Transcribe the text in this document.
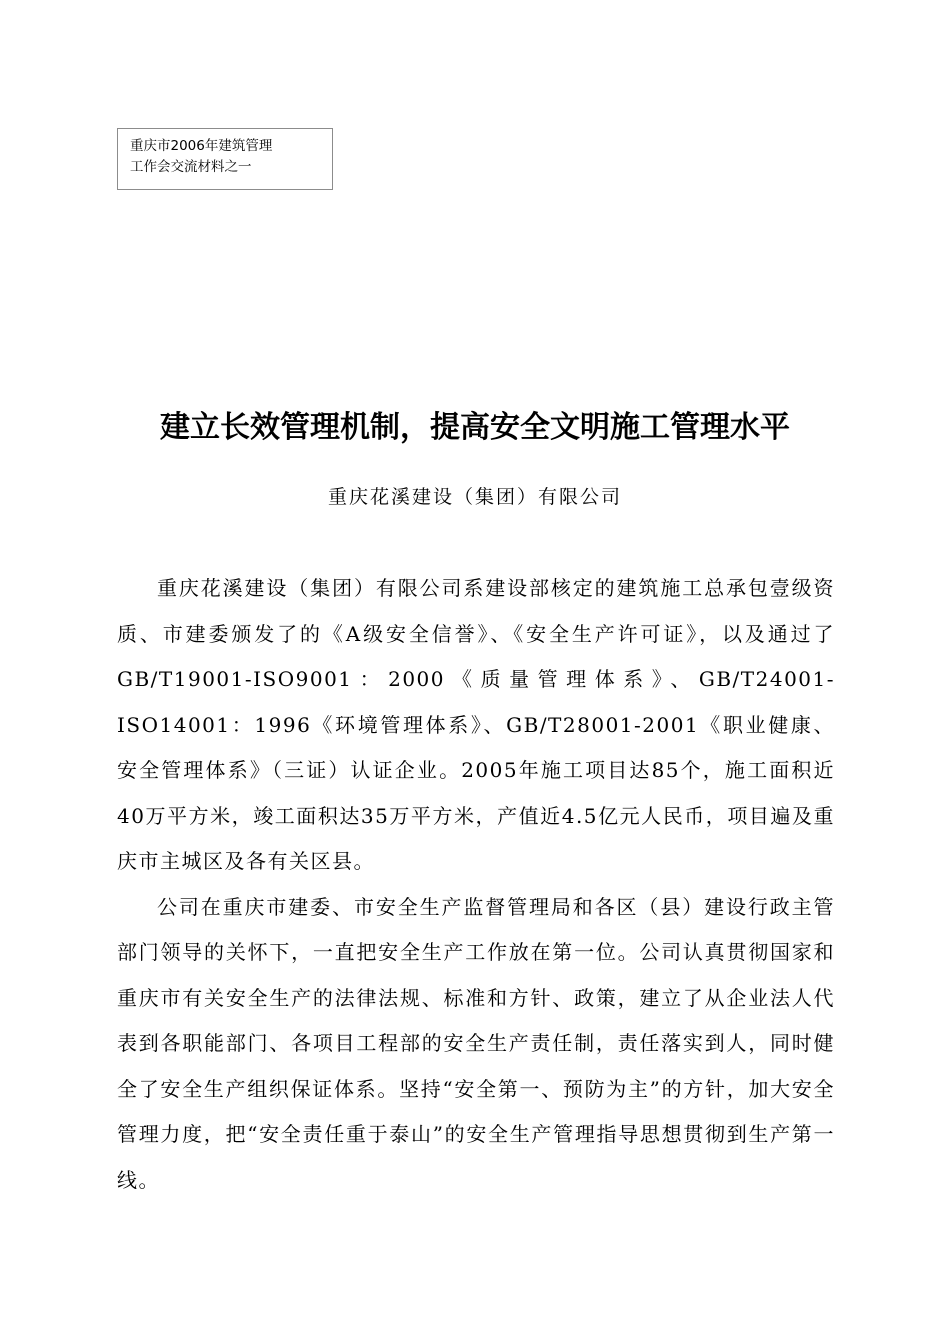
重庆市2006年建筑管理
工作会交流材料之一
建立长效管理机制，提高安全文明施工管理水平
重庆花溪建设（集团）有限公司

重庆花溪建设（集团）有限公司系建设部核定的建筑施工总承包壹级资质、市建委颁发了的《A级安全信誉》、《安全生产许可证》，以及通过了GB/T19001-ISO9001：2000《质量管理体系》、GB/T24001-ISO14001：1996《环境管理体系》、GB/T28001-2001《职业健康、安全管理体系》（三证）认证企业。2005年施工项目达85个，施工面积近40万平方米，竣工面积达35万平方米，产值近4.5亿元人民币，项目遍及重庆市主城区及各有关区县。

公司在重庆市建委、市安全生产监督管理局和各区（县）建设行政主管部门领导的关怀下，一直把安全生产工作放在第一位。公司认真贯彻国家和重庆市有关安全生产的法律法规、标准和方针、政策，建立了从企业法人代表到各职能部门、各项目工程部的安全生产责任制，责任落实到人，同时健全了安全生产组织保证体系。坚持“安全第一、预防为主”的方针，加大安全管理力度，把“安全责任重于泰山”的安全生产管理指导思想贯彻到生产第一线。
